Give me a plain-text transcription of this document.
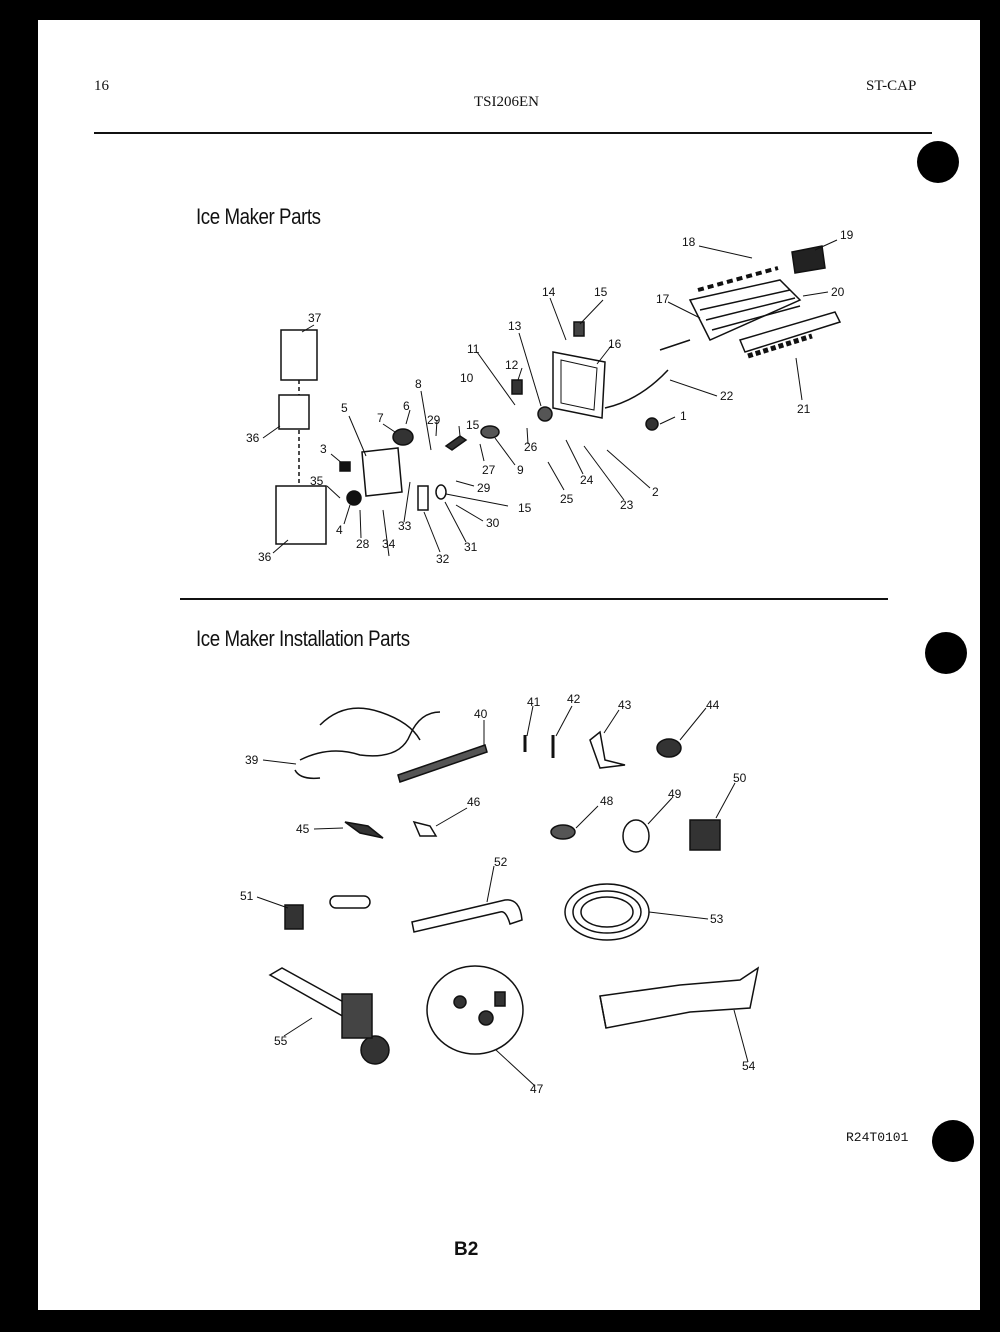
16
TSI206EN
ST-CAP
Ice Maker Parts
Ice Maker Installation Parts
1
2
3
4
5	6
7
8
9
10
11
12
13
14	15
15
15
16
17
18	19
20
21
22
23
24
25
26
27
28
29
29
30
31
32
33
34
35
36
36
37
39
40
41 42	43	44
45
46
47
48	49
50
51
52
53
54
55
R24T0101
B2
